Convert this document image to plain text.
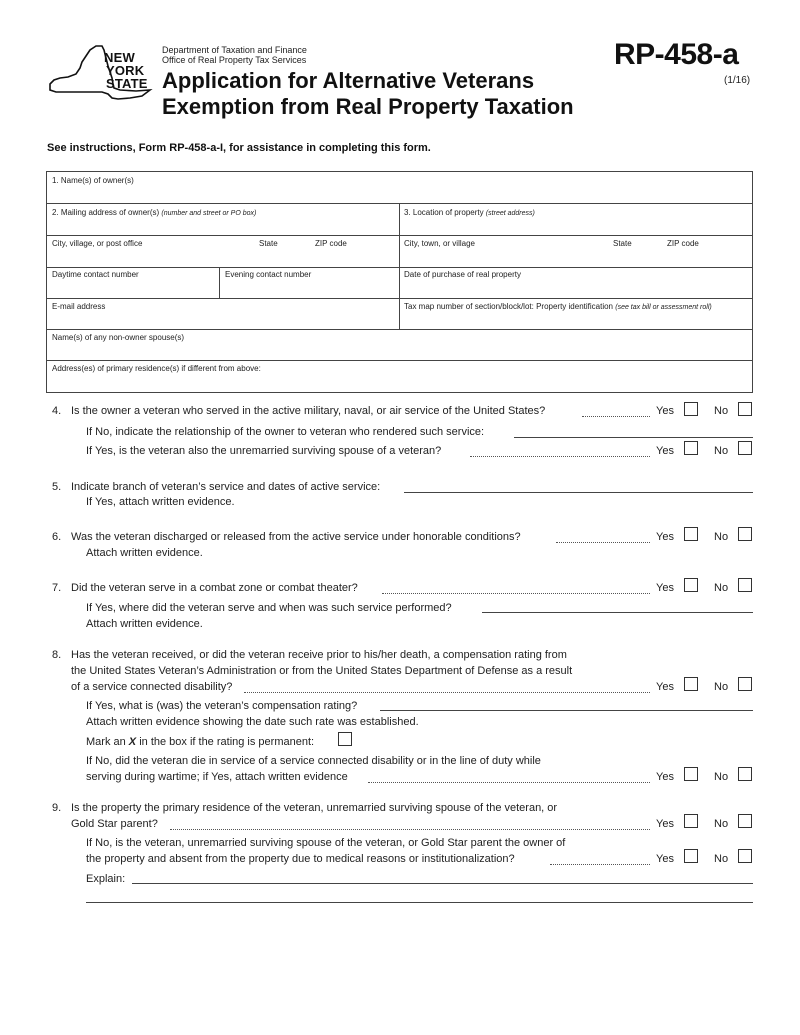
NEW
YORK
STATE
Department of Taxation and Finance
Office of Real Property Tax Services
Application for Alternative Veterans
Exemption from Real Property Taxation
RP-458-a
(1/16)
See instructions, Form RP-458-a-I, for assistance in completing this form.
1. Name(s) of owner(s)
2. Mailing address of owner(s) (number and street or PO box)	3. Location of property (street address)
City, village, or post office	State	ZIP code	City, town, or village	State	ZIP code
Daytime contact number	Evening contact number	Date of purchase of real property
E-mail address	Tax map number of section/block/lot: Property identification (see tax bill or assessment roll)
Name(s) of any non-owner spouse(s)
Address(es) of primary residence(s) if different from above:
4. Is the owner a veteran who served in the active military, naval, or air service of the United States?	Yes	No
If No, indicate the relationship of the owner to veteran who rendered such service:
If Yes, is the veteran also the unremarried surviving spouse of a veteran?	Yes	No
5. Indicate branch of veteran’s service and dates of active service:
If Yes, attach written evidence.
6. Was the veteran discharged or released from the active service under honorable conditions?	Yes	No
Attach written evidence.
7. Did the veteran serve in a combat zone or combat theater?	Yes	No
If Yes, where did the veteran serve and when was such service performed?
Attach written evidence.
8. Has the veteran received, or did the veteran receive prior to his/her death, a compensation rating from
the United States Veteran’s Administration or from the United States Department of Defense as a result
of a service connected disability?	Yes	No
If Yes, what is (was) the veteran’s compensation rating?
Attach written evidence showing the date such rate was established.
Mark an X in the box if the rating is permanent:
If No, did the veteran die in service of a service connected disability or in the line of duty while
serving during wartime; if Yes, attach written evidence	Yes	No
9. Is the property the primary residence of the veteran, unremarried surviving spouse of the veteran, or
Gold Star parent?	Yes	No
If No, is the veteran, unremarried surviving spouse of the veteran, or Gold Star parent the owner of
the property and absent from the property due to medical reasons or institutionalization?	Yes	No
Explain:
